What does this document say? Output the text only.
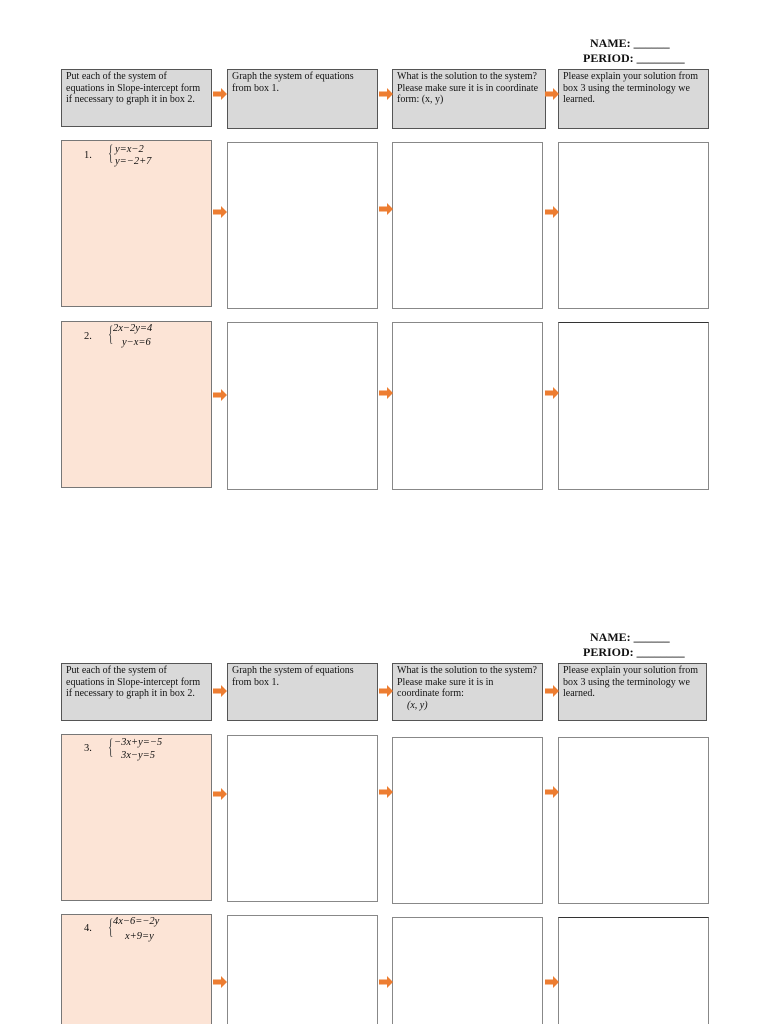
NAME: ______
PERIOD: ________
Put each of the system of equations in Slope-intercept form if necessary to graph it in box 2.
Graph the system of equations from box 1.
What is the solution to the system? Please make sure it is in coordinate form: (x, y)
Please explain your solution from box 3 using the terminology we learned.
1. { y=x−2
y=−2+7
2. { 2x−2y=4
y−x=6
NAME: ______
PERIOD: ________
Put each of the system of equations in Slope-intercept form if necessary to graph it in box 2.
Graph the system of equations from box 1.
What is the solution to the system? Please make sure it is in coordinate form:
(x, y)
Please explain your solution from box 3 using the terminology we learned.
3. { −3x+y=−5
3x−y=5
4. { 4x−6=−2y
x+9=y
